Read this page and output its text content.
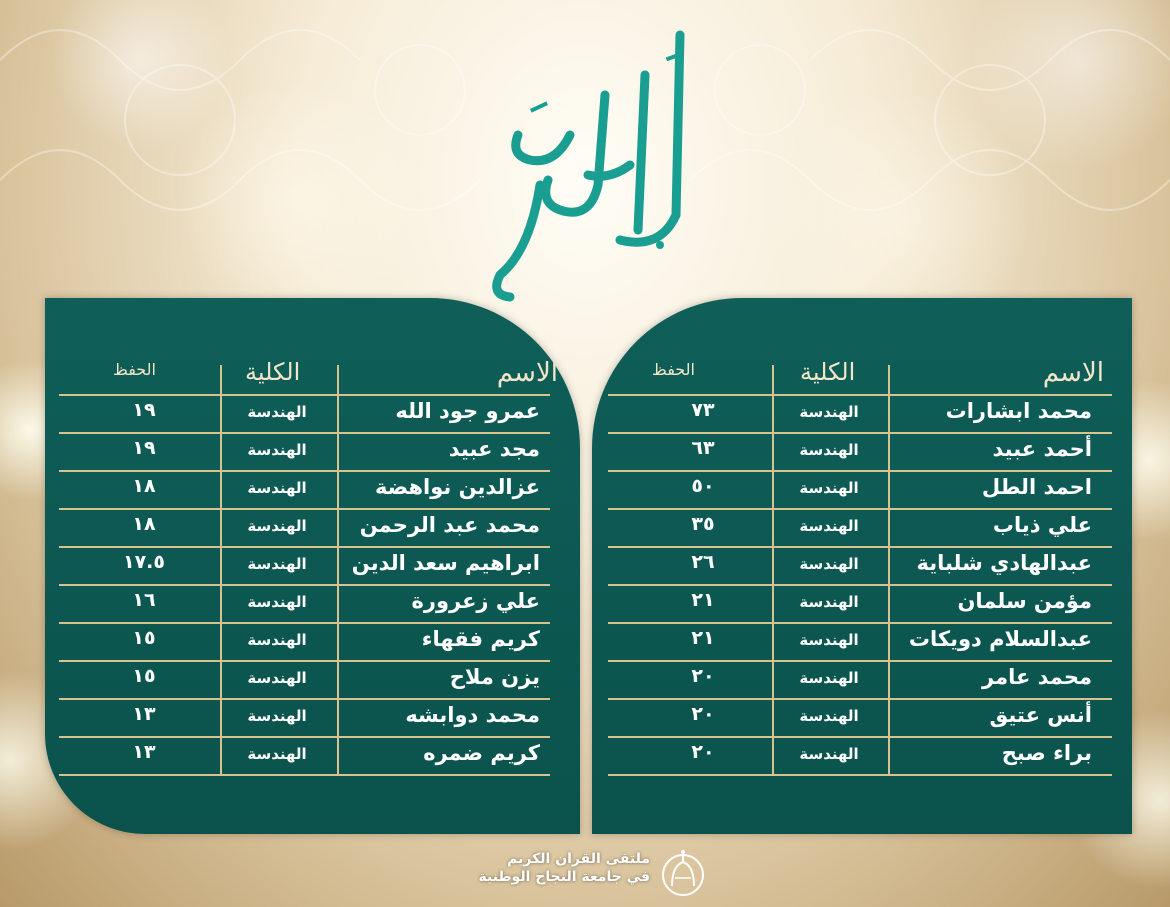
الاسم
الكلية
الحفظ
محمد ابشارات
الهندسة
٧٣
أحمد عبيد
الهندسة
٦٣
احمد الطل
الهندسة
٥٠
علي ذياب
الهندسة
٣٥
عبدالهادي شلباية
الهندسة
٢٦
مؤمن سلمان
الهندسة
٢١
عبدالسلام دويكات
الهندسة
٢١
محمد عامر
الهندسة
٢٠
أنس عتيق
الهندسة
٢٠
براء صبح
الهندسة
٢٠
الاسم
الكلية
الحفظ
عمرو جود الله
الهندسة
١٩
مجد عبيد
الهندسة
١٩
عزالدين نواهضة
الهندسة
١٨
محمد عبد الرحمن
الهندسة
١٨
ابراهيم سعد الدين
الهندسة
١٧.٥
علي زعرورة
الهندسة
١٦
كريم فقهاء
الهندسة
١٥
يزن ملاح
الهندسة
١٥
محمد دوابشه
الهندسة
١٣
كريم ضمره
الهندسة
١٣
ملتقى القران الكريم
في جامعة النجاح الوطنية
